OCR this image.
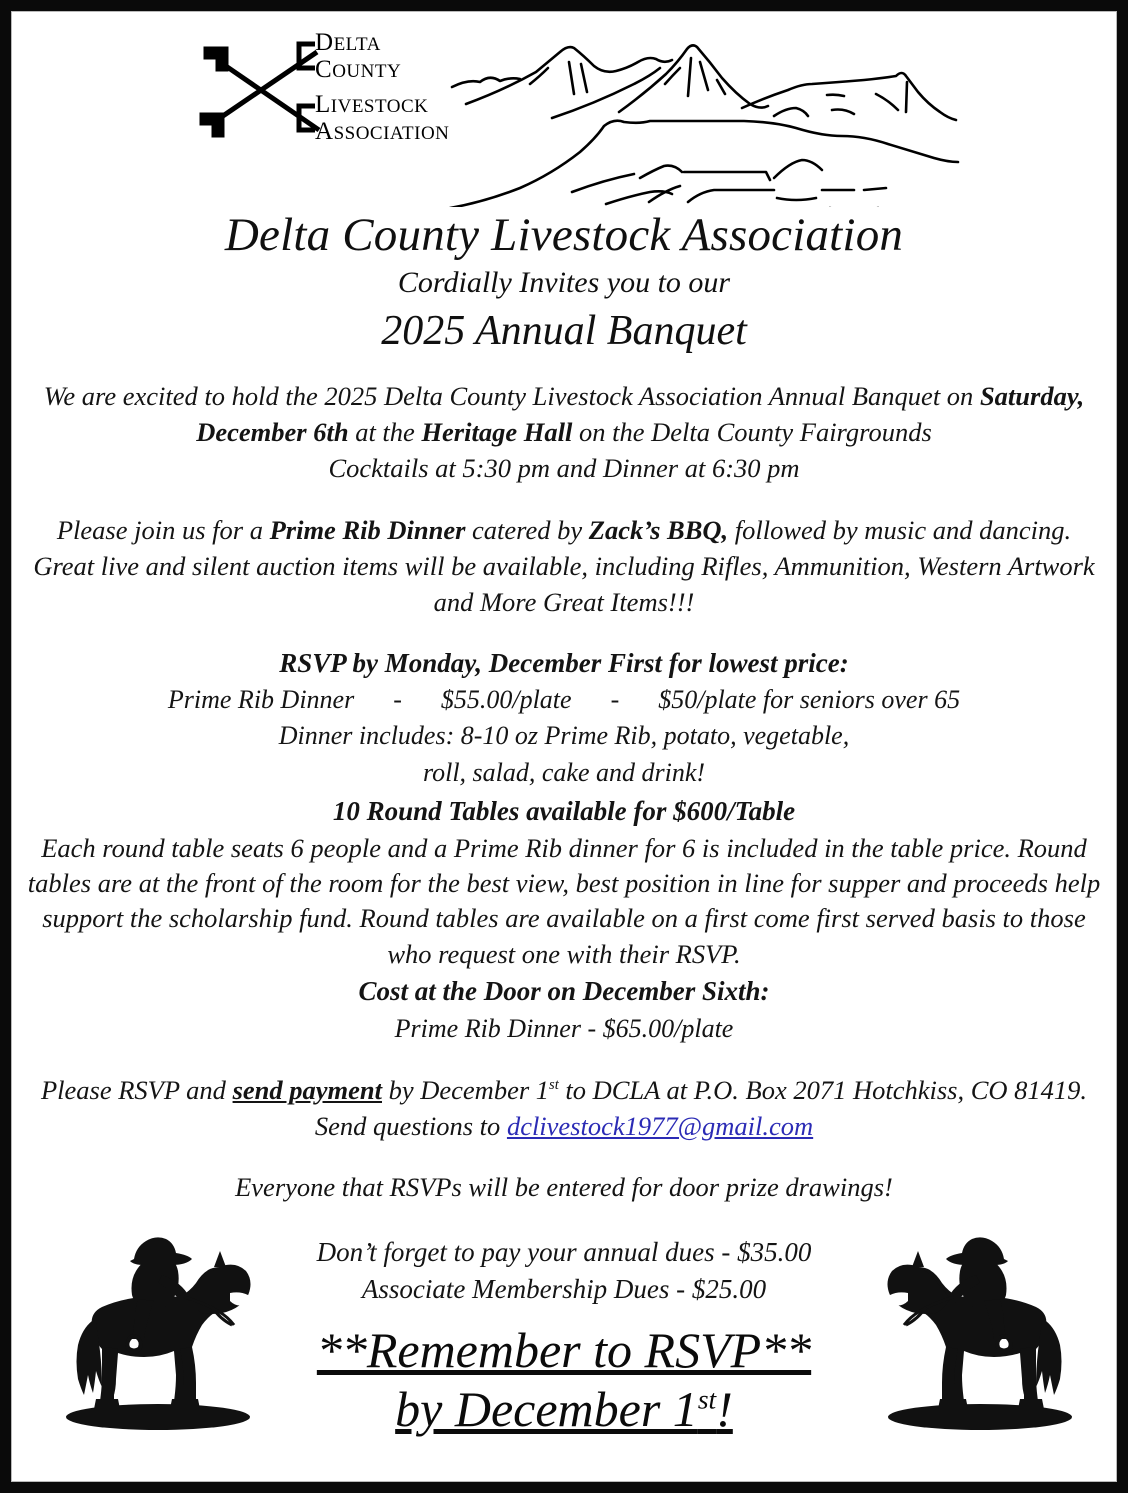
DELTA
COUNTY
LIVESTOCK
ASSOCIATION
Delta County Livestock Association
Cordially Invites you to our
2025 Annual Banquet

We are excited to hold the 2025 Delta County Livestock Association Annual Banquet on Saturday, December 6th at the Heritage Hall on the Delta County Fairgrounds
Cocktails at 5:30 pm and Dinner at 6:30 pm

Please join us for a Prime Rib Dinner catered by Zack’s BBQ, followed by music and dancing. Great live and silent auction items will be available, including Rifles, Ammunition, Western Artwork and More Great Items!!!

RSVP by Monday, December First for lowest price:
Prime Rib Dinner      -      $55.00/plate      -      $50/plate for seniors over 65
Dinner includes: 8-10 oz Prime Rib, potato, vegetable,
roll, salad, cake and drink!
10 Round Tables available for $600/Table
Each round table seats 6 people and a Prime Rib dinner for 6 is included in the table price. Round tables are at the front of the room for the best view, best position in line for supper and proceeds help support the scholarship fund. Round tables are available on a first come first served basis to those who request one with their RSVP.
Cost at the Door on December Sixth:
Prime Rib Dinner - $65.00/plate

Please RSVP and send payment by December 1st to DCLA at P.O. Box 2071 Hotchkiss, CO 81419. Send questions to dclivestock1977@gmail.com

Everyone that RSVPs will be entered for door prize drawings!
Don’t forget to pay your annual dues - $35.00
Associate Membership Dues - $25.00
**Remember to RSVP**
by December 1st!
